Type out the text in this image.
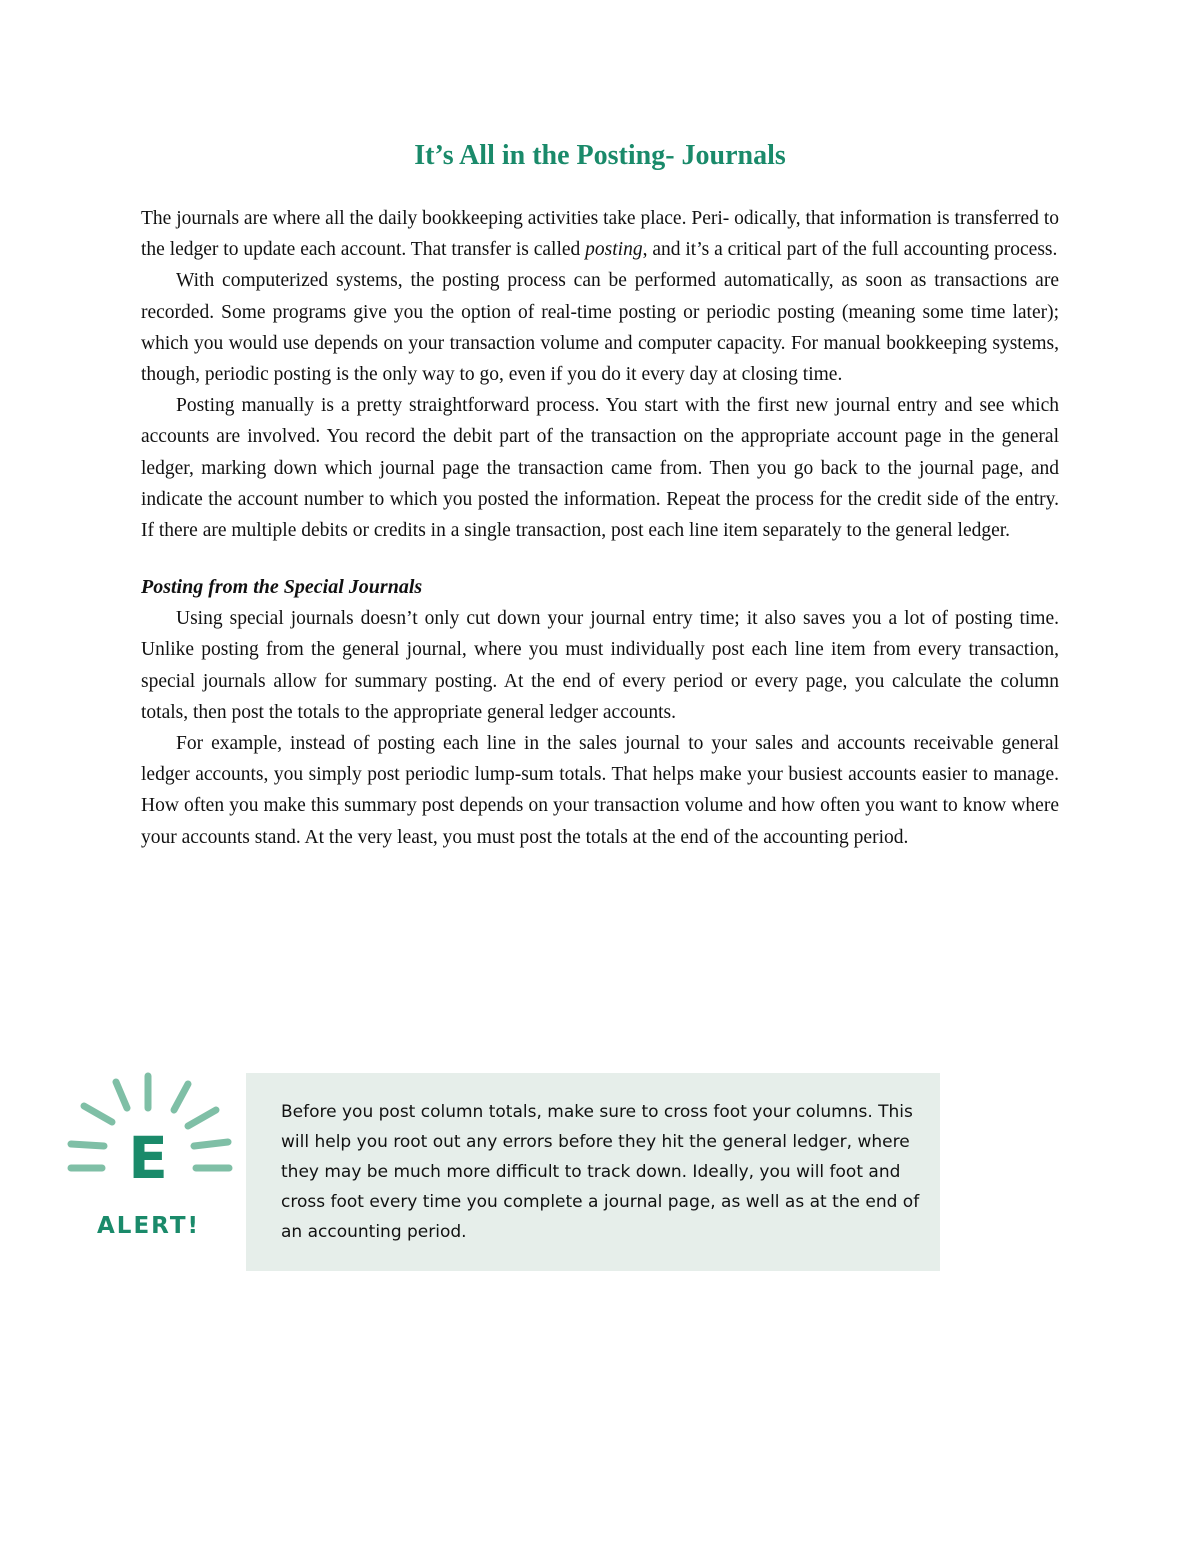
It’s All in the Posting- Journals

The journals are where all the daily bookkeeping activities take place. Peri- odically, that information is transferred to the ledger to update each account. That transfer is called posting, and it’s a critical part of the full accounting process.

With computerized systems, the posting process can be performed automatically, as soon as transactions are recorded. Some programs give you the option of real-time posting or periodic posting (meaning some time later); which you would use depends on your transaction volume and computer capacity. For manual bookkeeping systems, though, periodic posting is the only way to go, even if you do it every day at closing time.

Posting manually is a pretty straightforward process. You start with the first new journal entry and see which accounts are involved. You record the debit part of the transaction on the appropriate account page in the general ledger, marking down which journal page the transaction came from. Then you go back to the journal page, and indicate the account number to which you posted the information. Repeat the process for the credit side of the entry. If there are multiple debits or credits in a single transaction, post each line item separately to the general ledger.

Posting from the Special Journals

Using special journals doesn’t only cut down your journal entry time; it also saves you a lot of posting time. Unlike posting from the general journal, where you must individually post each line item from every transaction, special journals allow for summary posting. At the end of every period or every page, you calculate the column totals, then post the totals to the appropriate general ledger accounts.

For example, instead of posting each line in the sales journal to your sales and accounts receivable general ledger accounts, you simply post periodic lump-sum totals. That helps make your busiest accounts easier to manage. How often you make this summary post depends on your transaction volume and how often you want to know where your accounts stand. At the very least, you must post the totals at the end of the accounting period.

E
ALERT!

Before you post column totals, make sure to cross foot your columns. This will help you root out any errors before they hit the general ledger, where they may be much more difficult to track down. Ideally, you will foot and cross foot every time you complete a journal page, as well as at the end of an accounting period.
